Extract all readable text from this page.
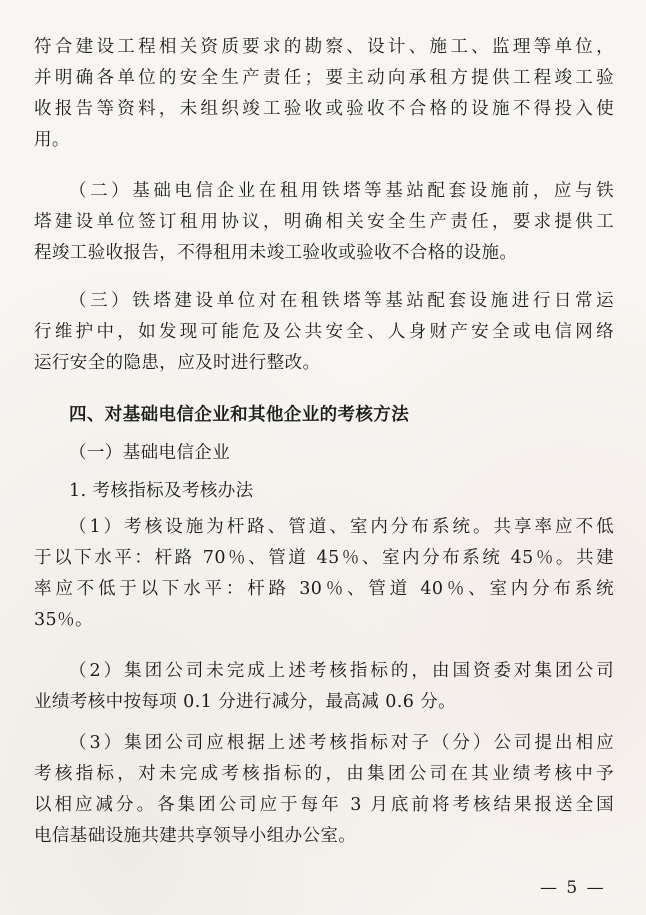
符合建设工程相关资质要求的勘察、设计、施工、监理等单位，
并明确各单位的安全生产责任；要主动向承租方提供工程竣工验
收报告等资料，未组织竣工验收或验收不合格的设施不得投入使
用。
（二）基础电信企业在租用铁塔等基站配套设施前，应与铁
塔建设单位签订租用协议，明确相关安全生产责任，要求提供工
程竣工验收报告，不得租用未竣工验收或验收不合格的设施。
（三）铁塔建设单位对在租铁塔等基站配套设施进行日常运
行维护中，如发现可能危及公共安全、人身财产安全或电信网络
运行安全的隐患，应及时进行整改。
四、对基础电信企业和其他企业的考核方法
（一）基础电信企业
1. 考核指标及考核办法
（1）考核设施为杆路、管道、室内分布系统。共享率应不低
于以下水平：杆路 70％、管道 45％、室内分布系统 45％。共建
率应不低于以下水平：杆路 30％、管道 40％、室内分布系统
35％。
（2）集团公司未完成上述考核指标的，由国资委对集团公司
业绩考核中按每项 0.1 分进行减分，最高减 0.6 分。
（3）集团公司应根据上述考核指标对子（分）公司提出相应
考核指标，对未完成考核指标的，由集团公司在其业绩考核中予
以相应减分。各集团公司应于每年 3 月底前将考核结果报送全国
电信基础设施共建共享领导小组办公室。
— 5 —
